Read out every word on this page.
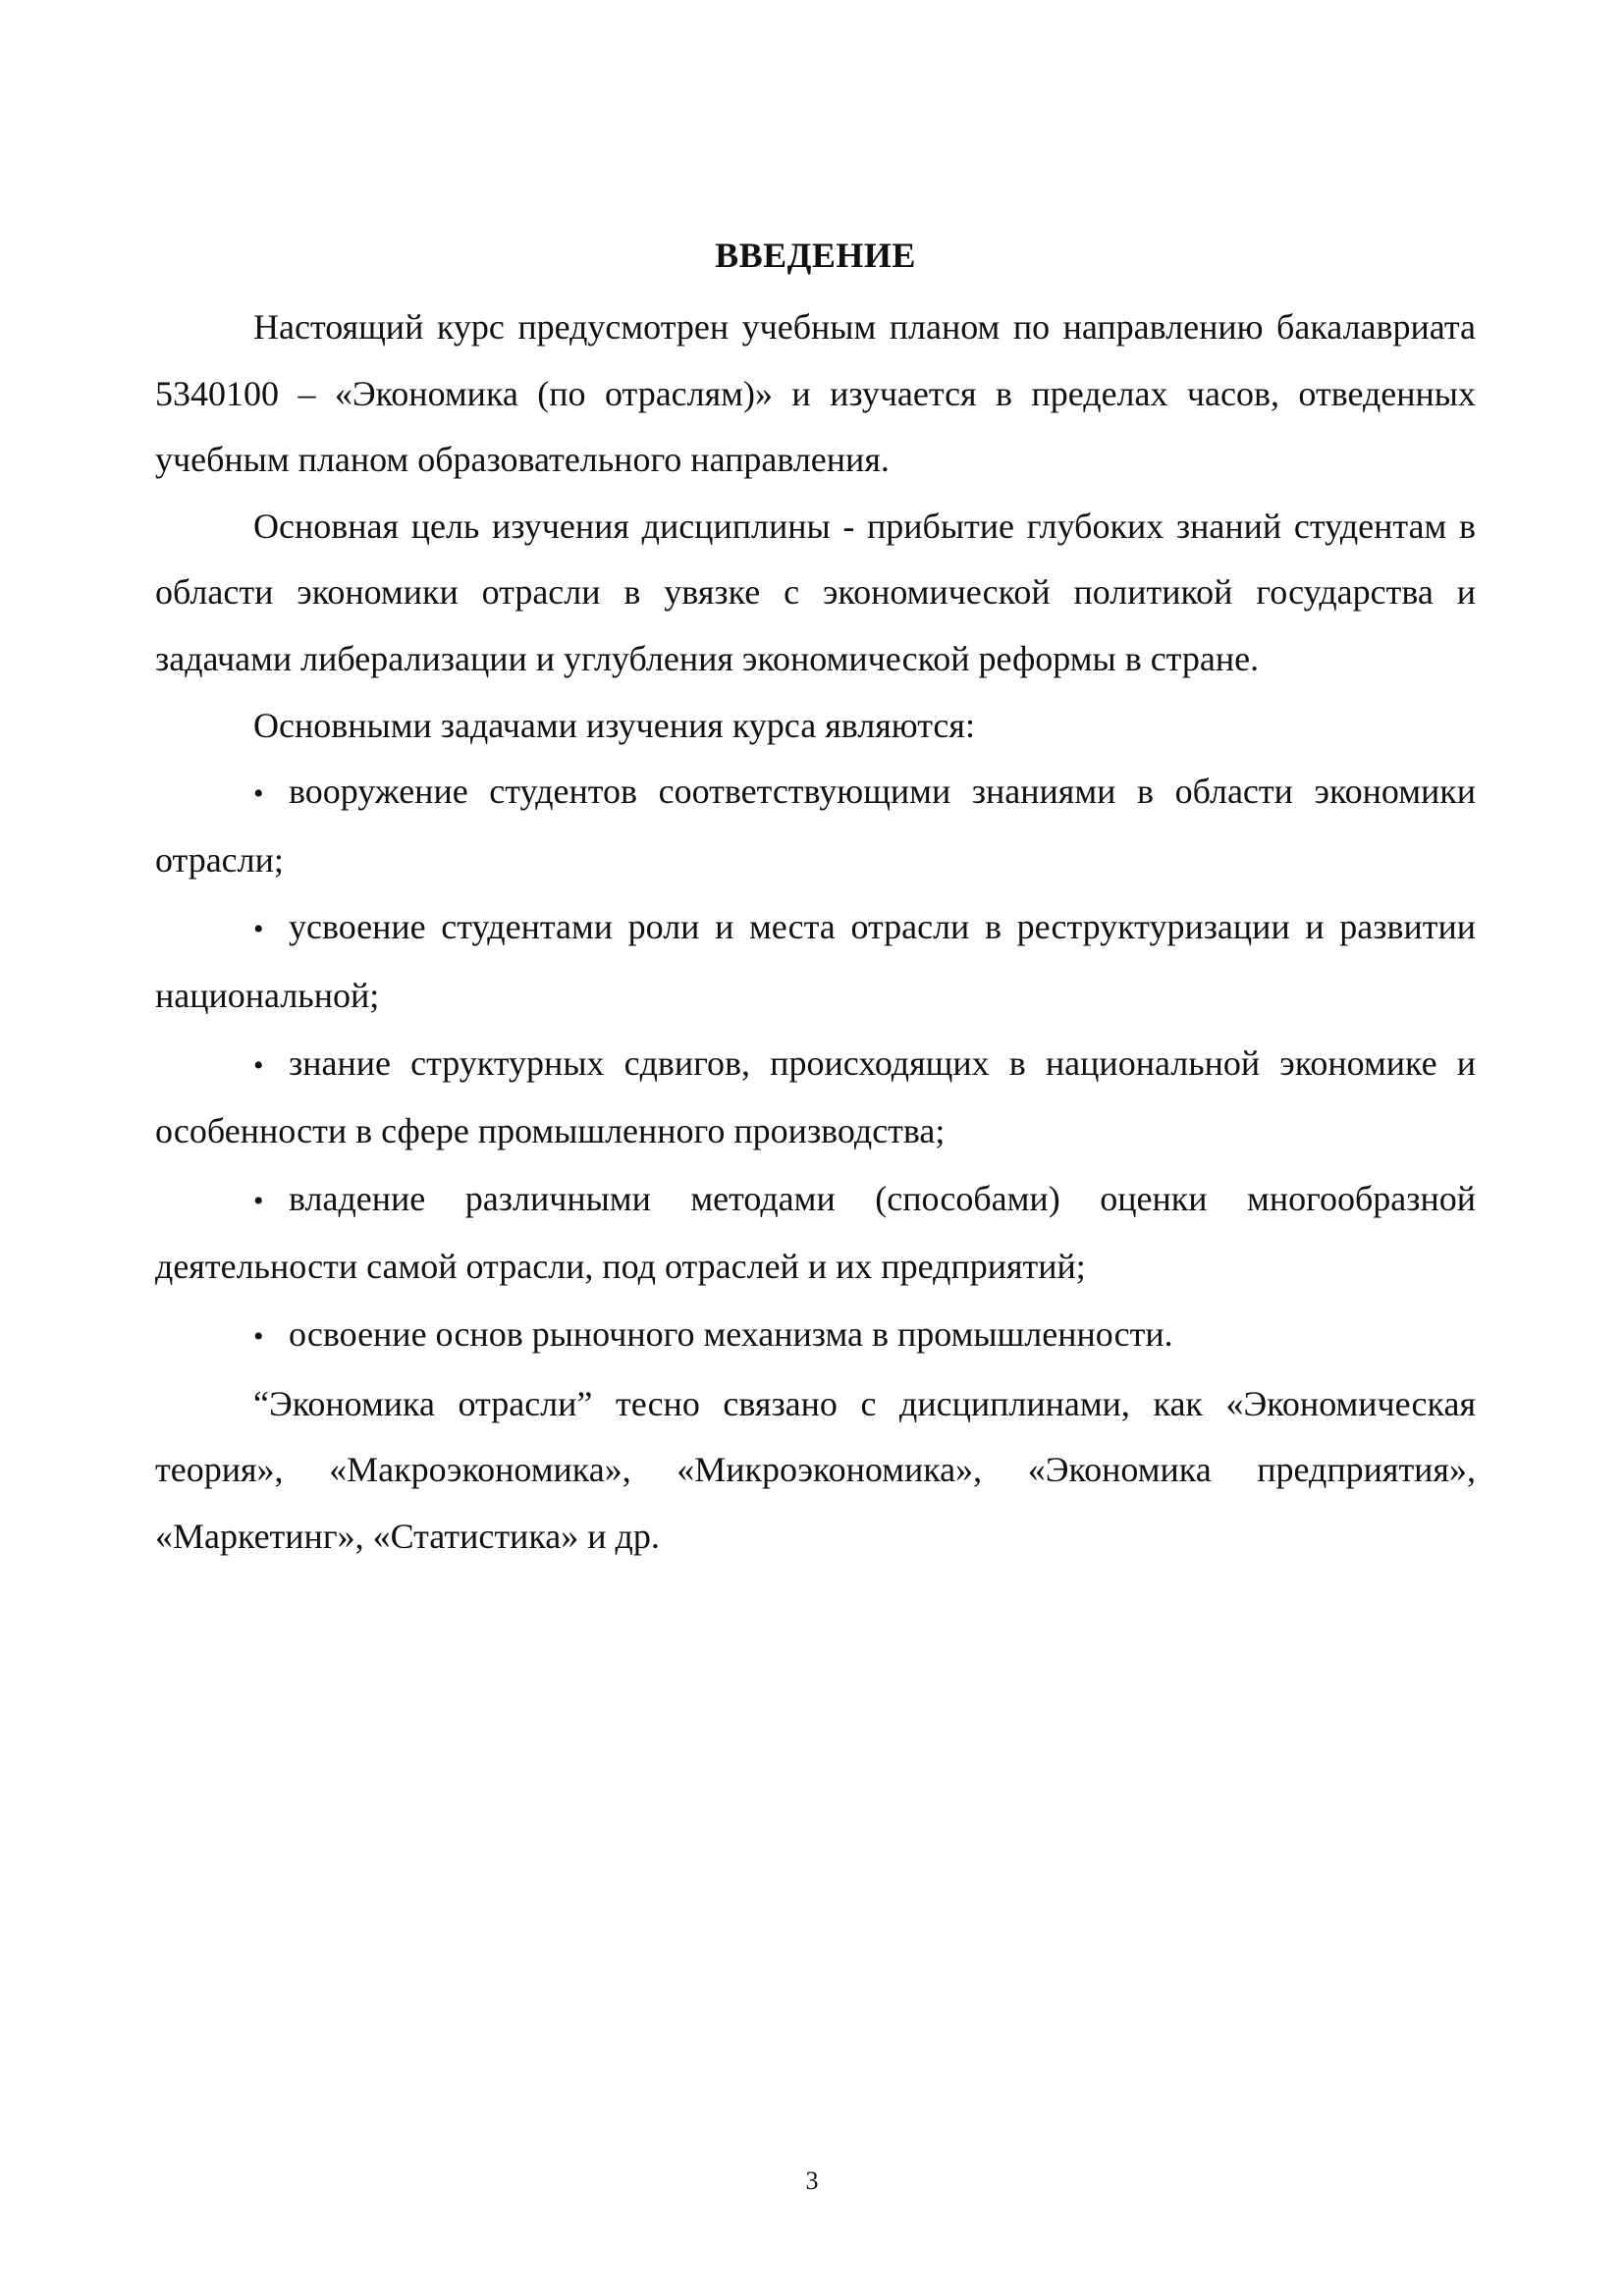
ВВЕДЕНИЕ

Настоящий курс предусмотрен учебным планом по направлению бакалавриата 5340100 – «Экономика (по отраслям)» и изучается в пределах часов, отведенных учебным планом образовательного направления.

Основная цель изучения дисциплины - прибытие глубоких знаний студентам в области экономики отрасли в увязке с экономической политикой государства и задачами либерализации и углубления экономической реформы в стране.

Основными задачами изучения курса являются:

• вооружение студентов соответствующими знаниями в области экономики отрасли;
• усвоение студентами роли и места отрасли в реструктуризации и развитии национальной;
• знание структурных сдвигов, происходящих в национальной экономике и особенности в сфере промышленного производства;
• владение различными методами (способами) оценки многообразной деятельности самой отрасли, под отраслей и их предприятий;
• освоение основ рыночного механизма в промышленности.

“Экономика отрасли” тесно связано с дисциплинами, как «Экономическая теория», «Макроэкономика», «Микроэкономика», «Экономика предприятия», «Маркетинг», «Статистика» и др.

3
